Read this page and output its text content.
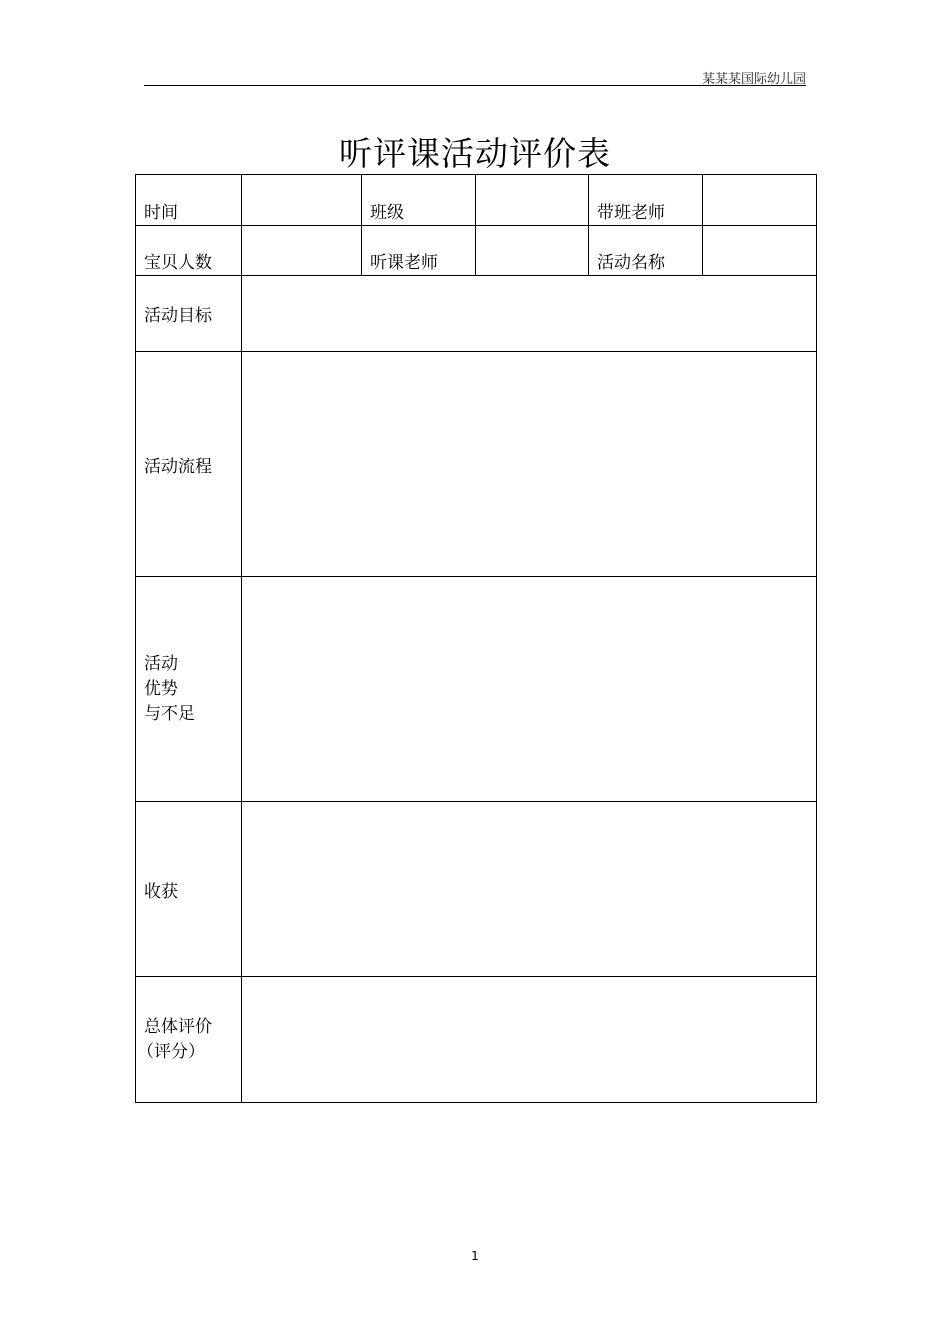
某某某国际幼儿园
听评课活动评价表
时间		班级		带班老师	
宝贝人数		听课老师		活动名称	
活动目标					
活动流程					

活动
优势
与不足					

收获					

总体评价
（评分）					

1
